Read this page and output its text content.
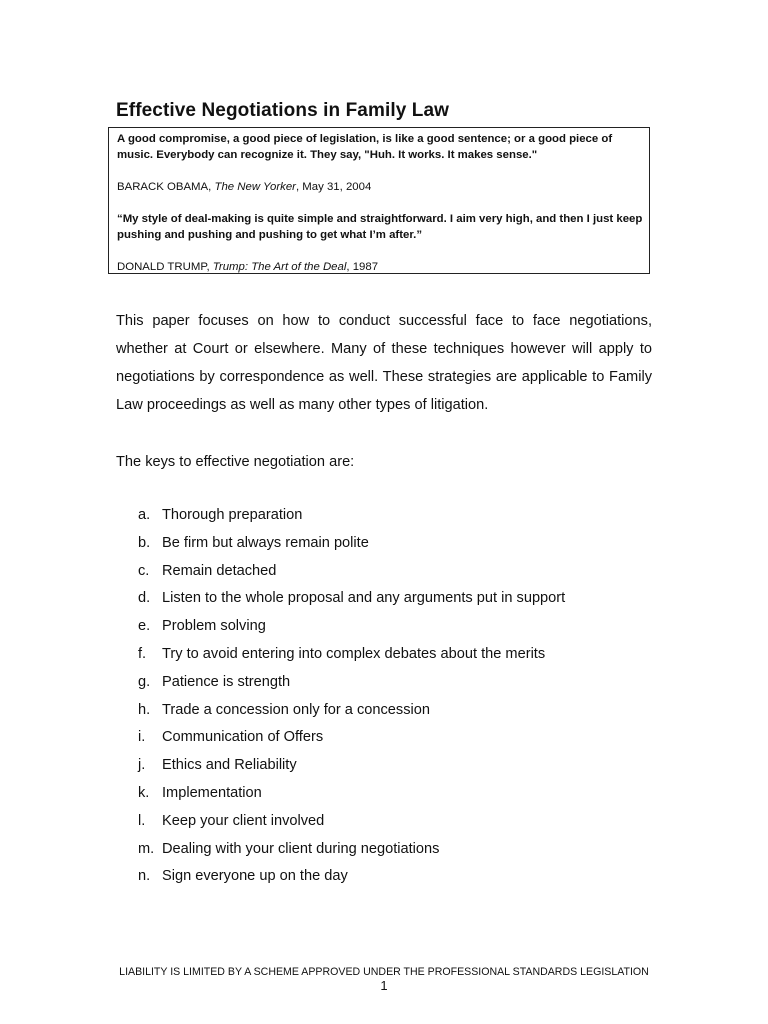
Effective Negotiations in Family Law

A good compromise, a good piece of legislation, is like a good sentence; or a good piece of music. Everybody can recognize it. They say, "Huh. It works. It makes sense."

BARACK OBAMA, The New Yorker, May 31, 2004

“My style of deal-making is quite simple and straightforward. I aim very high, and then I just keep pushing and pushing and pushing to get what I’m after.”

DONALD TRUMP, Trump: The Art of the Deal, 1987

This paper focuses on how to conduct successful face to face negotiations, whether at Court or elsewhere. Many of these techniques however will apply to negotiations by correspondence as well. These strategies are applicable to Family Law proceedings as well as many other types of litigation.

The keys to effective negotiation are:

a. Thorough preparation
b. Be firm but always remain polite
c. Remain detached
d. Listen to the whole proposal and any arguments put in support
e. Problem solving
f. Try to avoid entering into complex debates about the merits
g. Patience is strength
h. Trade a concession only for a concession
i. Communication of Offers
j. Ethics and Reliability
k. Implementation
l. Keep your client involved
m. Dealing with your client during negotiations
n. Sign everyone up on the day
LIABILITY IS LIMITED BY A SCHEME APPROVED UNDER THE PROFESSIONAL STANDARDS LEGISLATION
1
